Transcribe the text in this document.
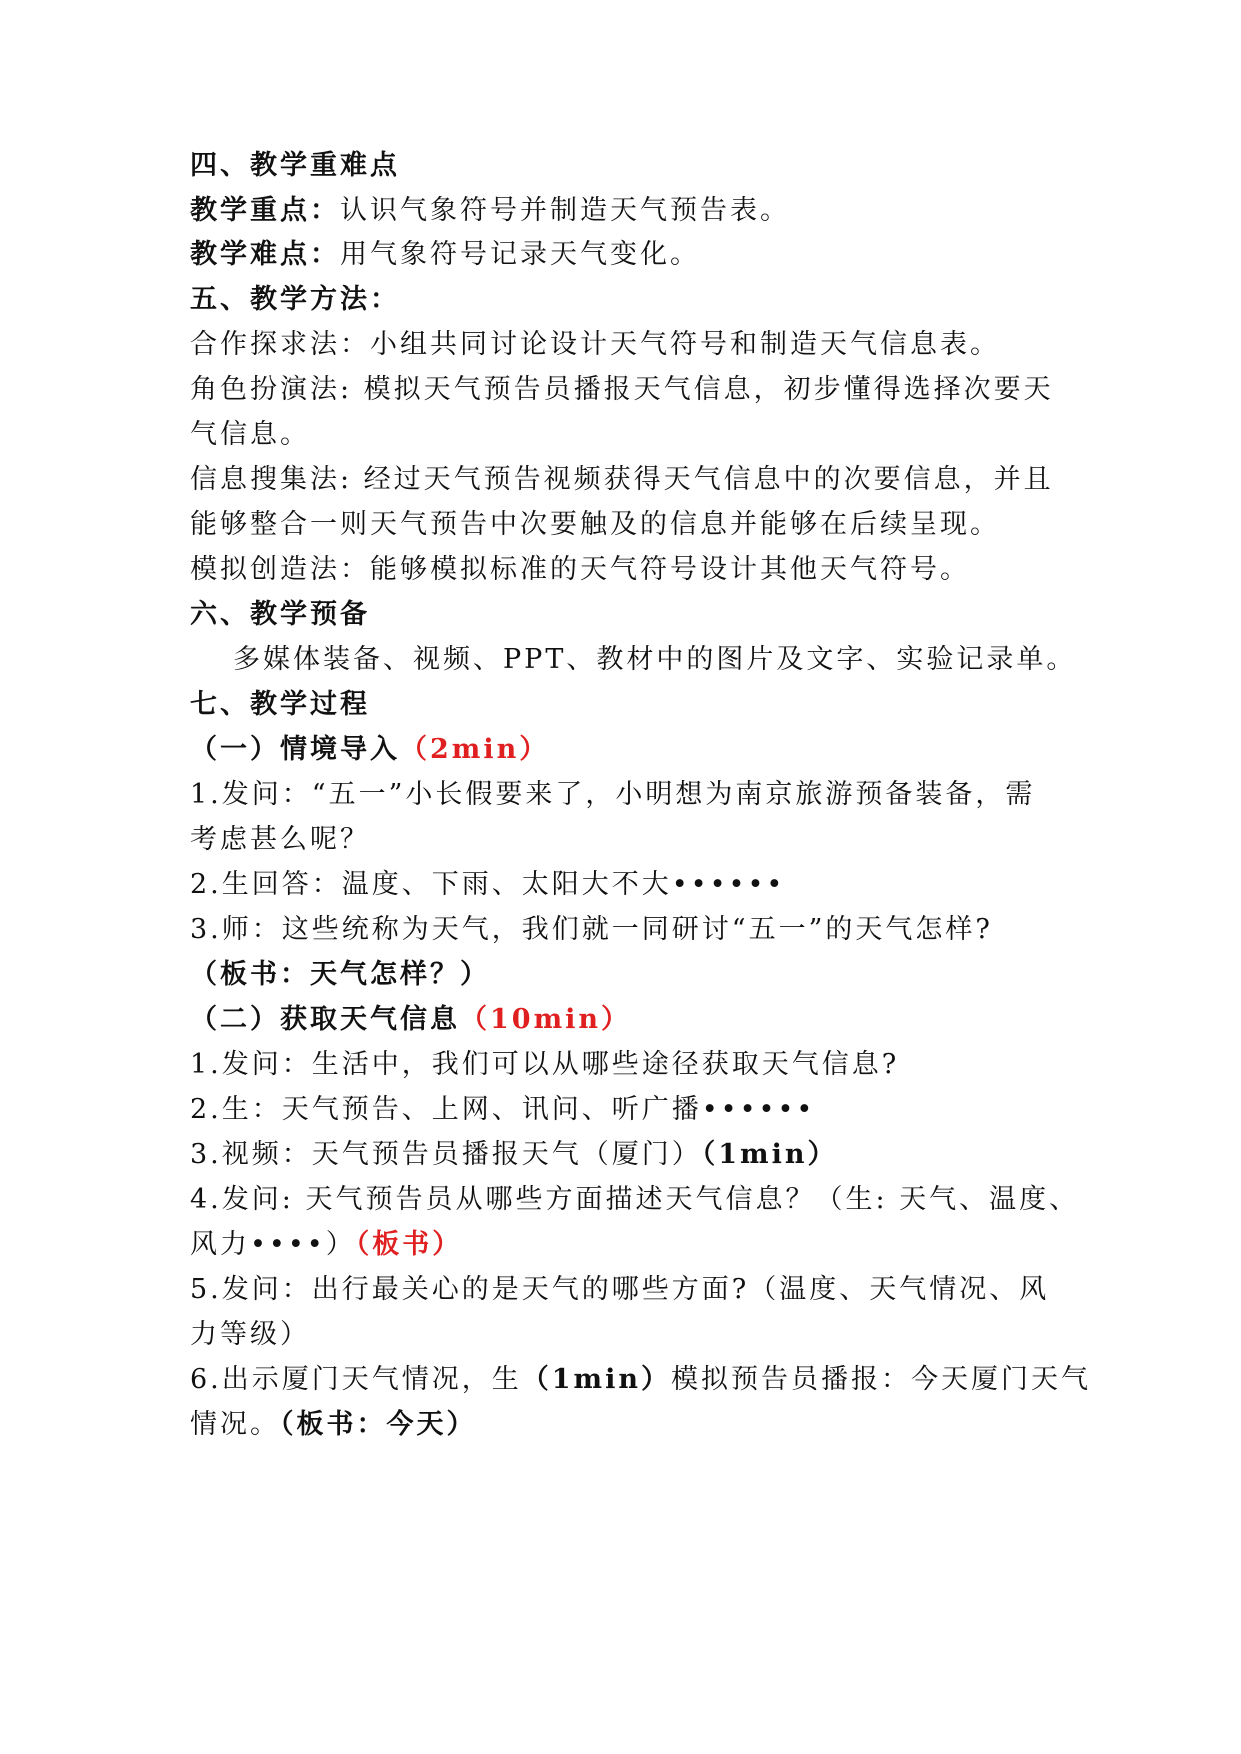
四、教学重难点
教学重点：认识气象符号并制造天气预告表。
教学难点：用气象符号记录天气变化。
五、教学方法：
合作探求法：小组共同讨论设计天气符号和制造天气信息表。
角色扮演法: 模拟天气预告员播报天气信息，初步懂得选择次要天
气信息。
信息搜集法: 经过天气预告视频获得天气信息中的次要信息，并且
能够整合一则天气预告中次要触及的信息并能够在后续呈现。
模拟创造法：能够模拟标准的天气符号设计其他天气符号。
六、教学预备
多媒体装备、视频、PPT、教材中的图片及文字、实验记录单。
七、教学过程
（一）情境导入（2min）
1.发问：“五一”小长假要来了，小明想为南京旅游预备装备，需
考虑甚么呢？
2.生回答：温度、下雨、太阳大不大••••••
3.师：这些统称为天气，我们就一同研讨“五一”的天气怎样?
（板书：天气怎样？）
（二）获取天气信息（10min）
1.发问：生活中，我们可以从哪些途径获取天气信息?
2.生：天气预告、上网、讯问、听广播••••••
3.视频：天气预告员播报天气（厦门）（1min）
4.发问: 天气预告员从哪些方面描述天气信息？（生: 天气、温度、
风力••••）（板书）
5.发问：出行最关心的是天气的哪些方面?（温度、天气情况、风
力等级）
6.出示厦门天气情况，生（1min）模拟预告员播报：今天厦门天气
情况。（板书：今天）
